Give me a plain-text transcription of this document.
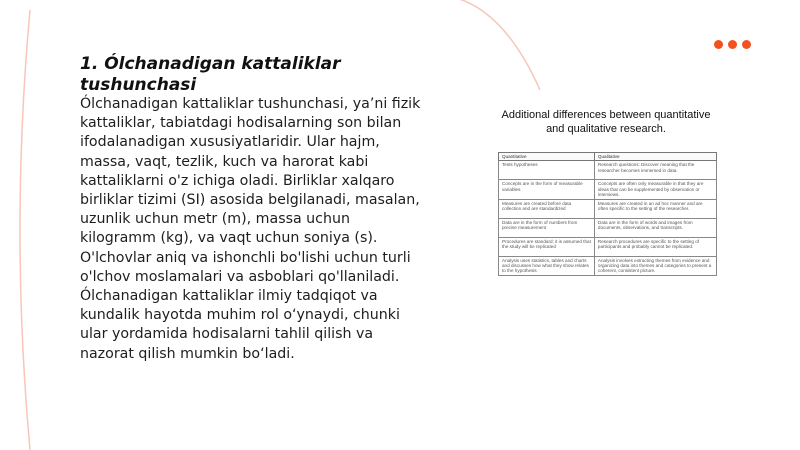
1. Ólchanadigan kattaliklar tushunchasi

Ólchanadigan kattaliklar tushunchasi, ya’ni fizik kattaliklar, tabiatdagi hodisalarning son bilan ifodalanadigan xususiyatlaridir. Ular hajm, massa, vaqt, tezlik, kuch va harorat kabi kattaliklarni o'z ichiga oladi. Birliklar xalqaro birliklar tizimi (SI) asosida belgilanadi, masalan, uzunlik uchun metr (m), massa uchun kilogramm (kg), va vaqt uchun soniya (s). O'lchovlar aniq va ishonchli bo'lishi uchun turli o'lchov moslamalari va asboblari qo'llaniladi. Ólchanadigan kattaliklar ilmiy tadqiqot va kundalik hayotda muhim rol o‘ynaydi, chunki ular yordamida hodisalarni tahlil qilish va nazorat qilish mumkin bo‘ladi.

Additional differences between quantitative
and qualitative research.
Quantitative	Qualitative
Tests hypotheses	Research questions: Discover meaning that the researcher becomes immersed in data.
Concepts are in the form of measurable variables	Concepts are often only measurable in that they are ideas that can be supplemented by observation or interviews.
Measures are created before data collection and are standardized	Measures are created in an ad hoc manner and are often specific to the setting of the researcher.
Data are in the form of numbers from precise measurement	Data are in the form of words and images from documents, observations, and transcripts.
Procedures are standard; it is assumed that the study will be replicated	Research procedures are specific to the setting of participants and probably cannot be replicated.
Analysis uses statistics, tables and charts and discusses how what they show relates to the hypothesis	Analysis involves extracting themes from evidence and organizing data into themes and categories to present a coherent, consistent picture.
